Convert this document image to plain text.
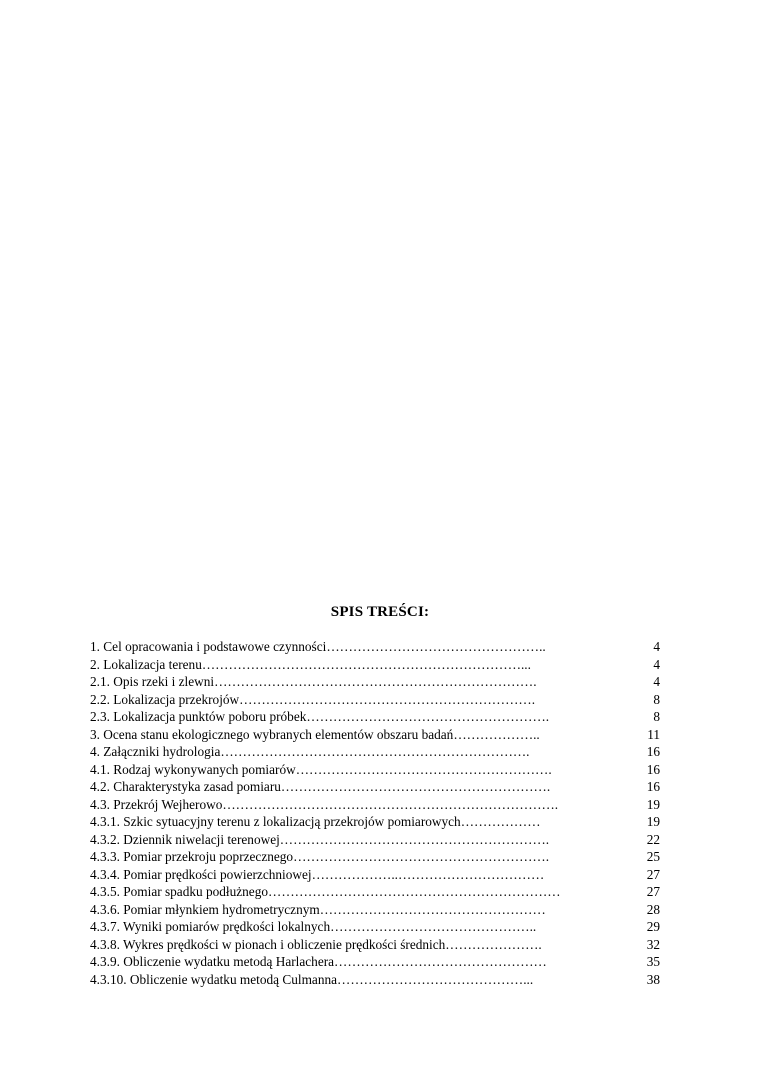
SPIS TREŚCI:
1. Cel opracowania i podstawowe czynności…………………………………………..	4
2. Lokalizacja terenu………………………………………………………………...	4
2.1. Opis rzeki i zlewni……………………………………………………………….	4
2.2. Lokalizacja przekrojów………………………………………………………….	8
2.3. Lokalizacja punktów poboru próbek……………………………………………….	8
3. Ocena stanu ekologicznego wybranych elementów obszaru badań………………..	11
4. Załączniki hydrologia…………………………………………………………….	16
4.1. Rodzaj wykonywanych pomiarów………………………………………………….	16
4.2. Charakterystyka zasad pomiaru…………………………………………………….	16
4.3. Przekrój Wejherowo………………………………………………………………….	19
4.3.1. Szkic sytuacyjny terenu z lokalizacją przekrojów pomiarowych………………	19
4.3.2. Dziennik niwelacji terenowej…………………………………………………….	22
4.3.3. Pomiar przekroju poprzecznego………………………………………………….	25
4.3.4. Pomiar prędkości powierzchniowej………………..……………………………	27
4.3.5. Pomiar spadku podłużnego…………………………………………………………	27
4.3.6. Pomiar młynkiem hydrometrycznym……………………………………………	28
4.3.7. Wyniki pomiarów prędkości lokalnych………………………………………..	29
4.3.8. Wykres prędkości w pionach i obliczenie prędkości średnich………………….	32
4.3.9. Obliczenie wydatku metodą Harlachera…………………………………………	35
4.3.10. Obliczenie wydatku metodą Culmanna……………………………………...	38
